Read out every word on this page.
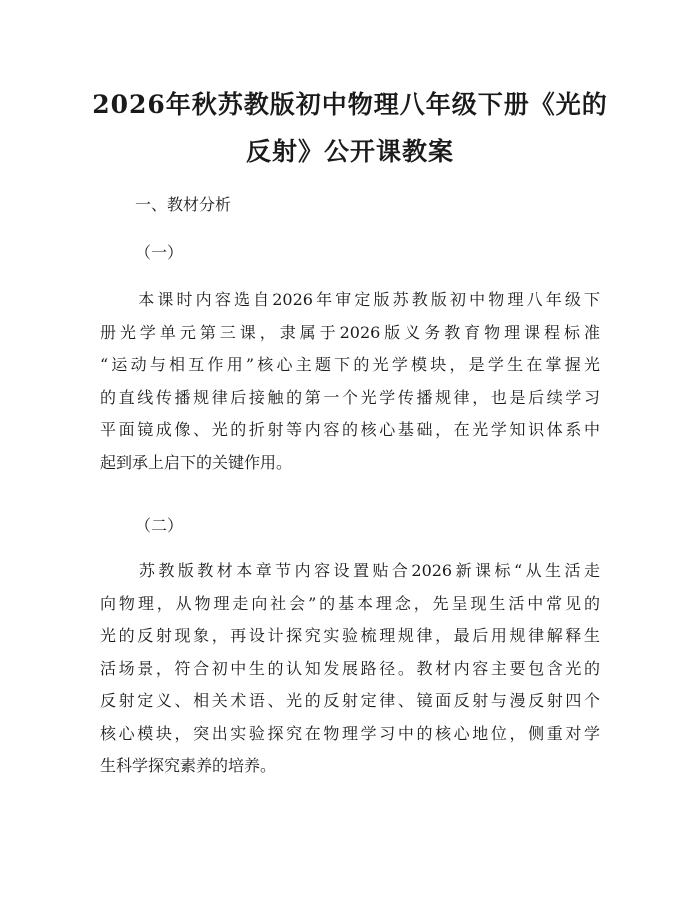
2026年秋苏教版初中物理八年级下册《光的
反射》公开课教案

一、教材分析

（一）

　　本课时内容选自2026年审定版苏教版初中物理八年级下
册光学单元第三课，隶属于2026版义务教育物理课程标准
“运动与相互作用”核心主题下的光学模块，是学生在掌握光
的直线传播规律后接触的第一个光学传播规律，也是后续学习
平面镜成像、光的折射等内容的核心基础，在光学知识体系中
起到承上启下的关键作用。

（二）

　　苏教版教材本章节内容设置贴合2026新课标“从生活走
向物理，从物理走向社会”的基本理念，先呈现生活中常见的
光的反射现象，再设计探究实验梳理规律，最后用规律解释生
活场景，符合初中生的认知发展路径。教材内容主要包含光的
反射定义、相关术语、光的反射定律、镜面反射与漫反射四个
核心模块，突出实验探究在物理学习中的核心地位，侧重对学
生科学探究素养的培养。
